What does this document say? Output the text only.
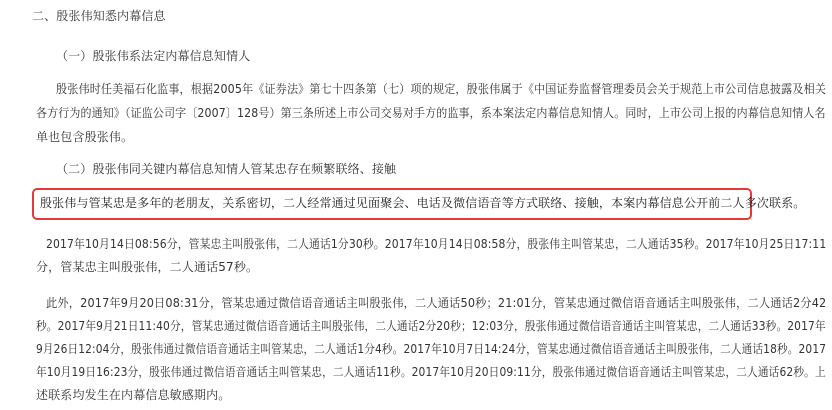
二、殷张伟知悉内幕信息
（一）殷张伟系法定内幕信息知情人
殷张伟时任美福石化监事，根据2005年《证券法》第七十四条第（七）项的规定，殷张伟属于《中国证券监督管理委员会关于规范上市公司信息披露及相关
各方行为的通知》（证监公司字〔2007〕128号）第三条所述上市公司交易对手方的监事，系本案法定内幕信息知情人。同时，上市公司上报的内幕信息知情人名
单也包含殷张伟。
（二）殷张伟同关键内幕信息知情人管某忠存在频繁联络、接触
殷张伟与管某忠是多年的老朋友，关系密切，二人经常通过见面聚会、电话及微信语音等方式联络、接触，本案内幕信息公开前二人多次联系。
2017年10月14日08:56分，管某忠主叫殷张伟，二人通话1分30秒。2017年10月14日08:58分，殷张伟主叫管某忠，二人通话35秒。2017年10月25日17:11
分，管某忠主叫殷张伟，二人通话57秒。
此外，2017年9月20日08:31分，管某忠通过微信语音通话主叫殷张伟，二人通话50秒；21:01分，管某忠通过微信语音通话主叫殷张伟，二人通话2分42
秒。2017年9月21日11:40分，管某忠通过微信语音通话主叫殷张伟，二人通话2分20秒；12:03分，殷张伟通过微信语音通话主叫管某忠，二人通话33秒。2017年
9月26日12:04分，殷张伟通过微信语音通话主叫管某忠，二人通话1分4秒。2017年10月7日14:24分，管某忠通过微信语音通话主叫殷张伟，二人通话18秒。2017
年10月19日16:23分，殷张伟通过微信语音通话主叫管某忠，二人通话11秒。2017年10月20日09:11分，殷张伟通过微信语音通话主叫管某忠，二人通话62秒。上
述联系均发生在内幕信息敏感期内。
